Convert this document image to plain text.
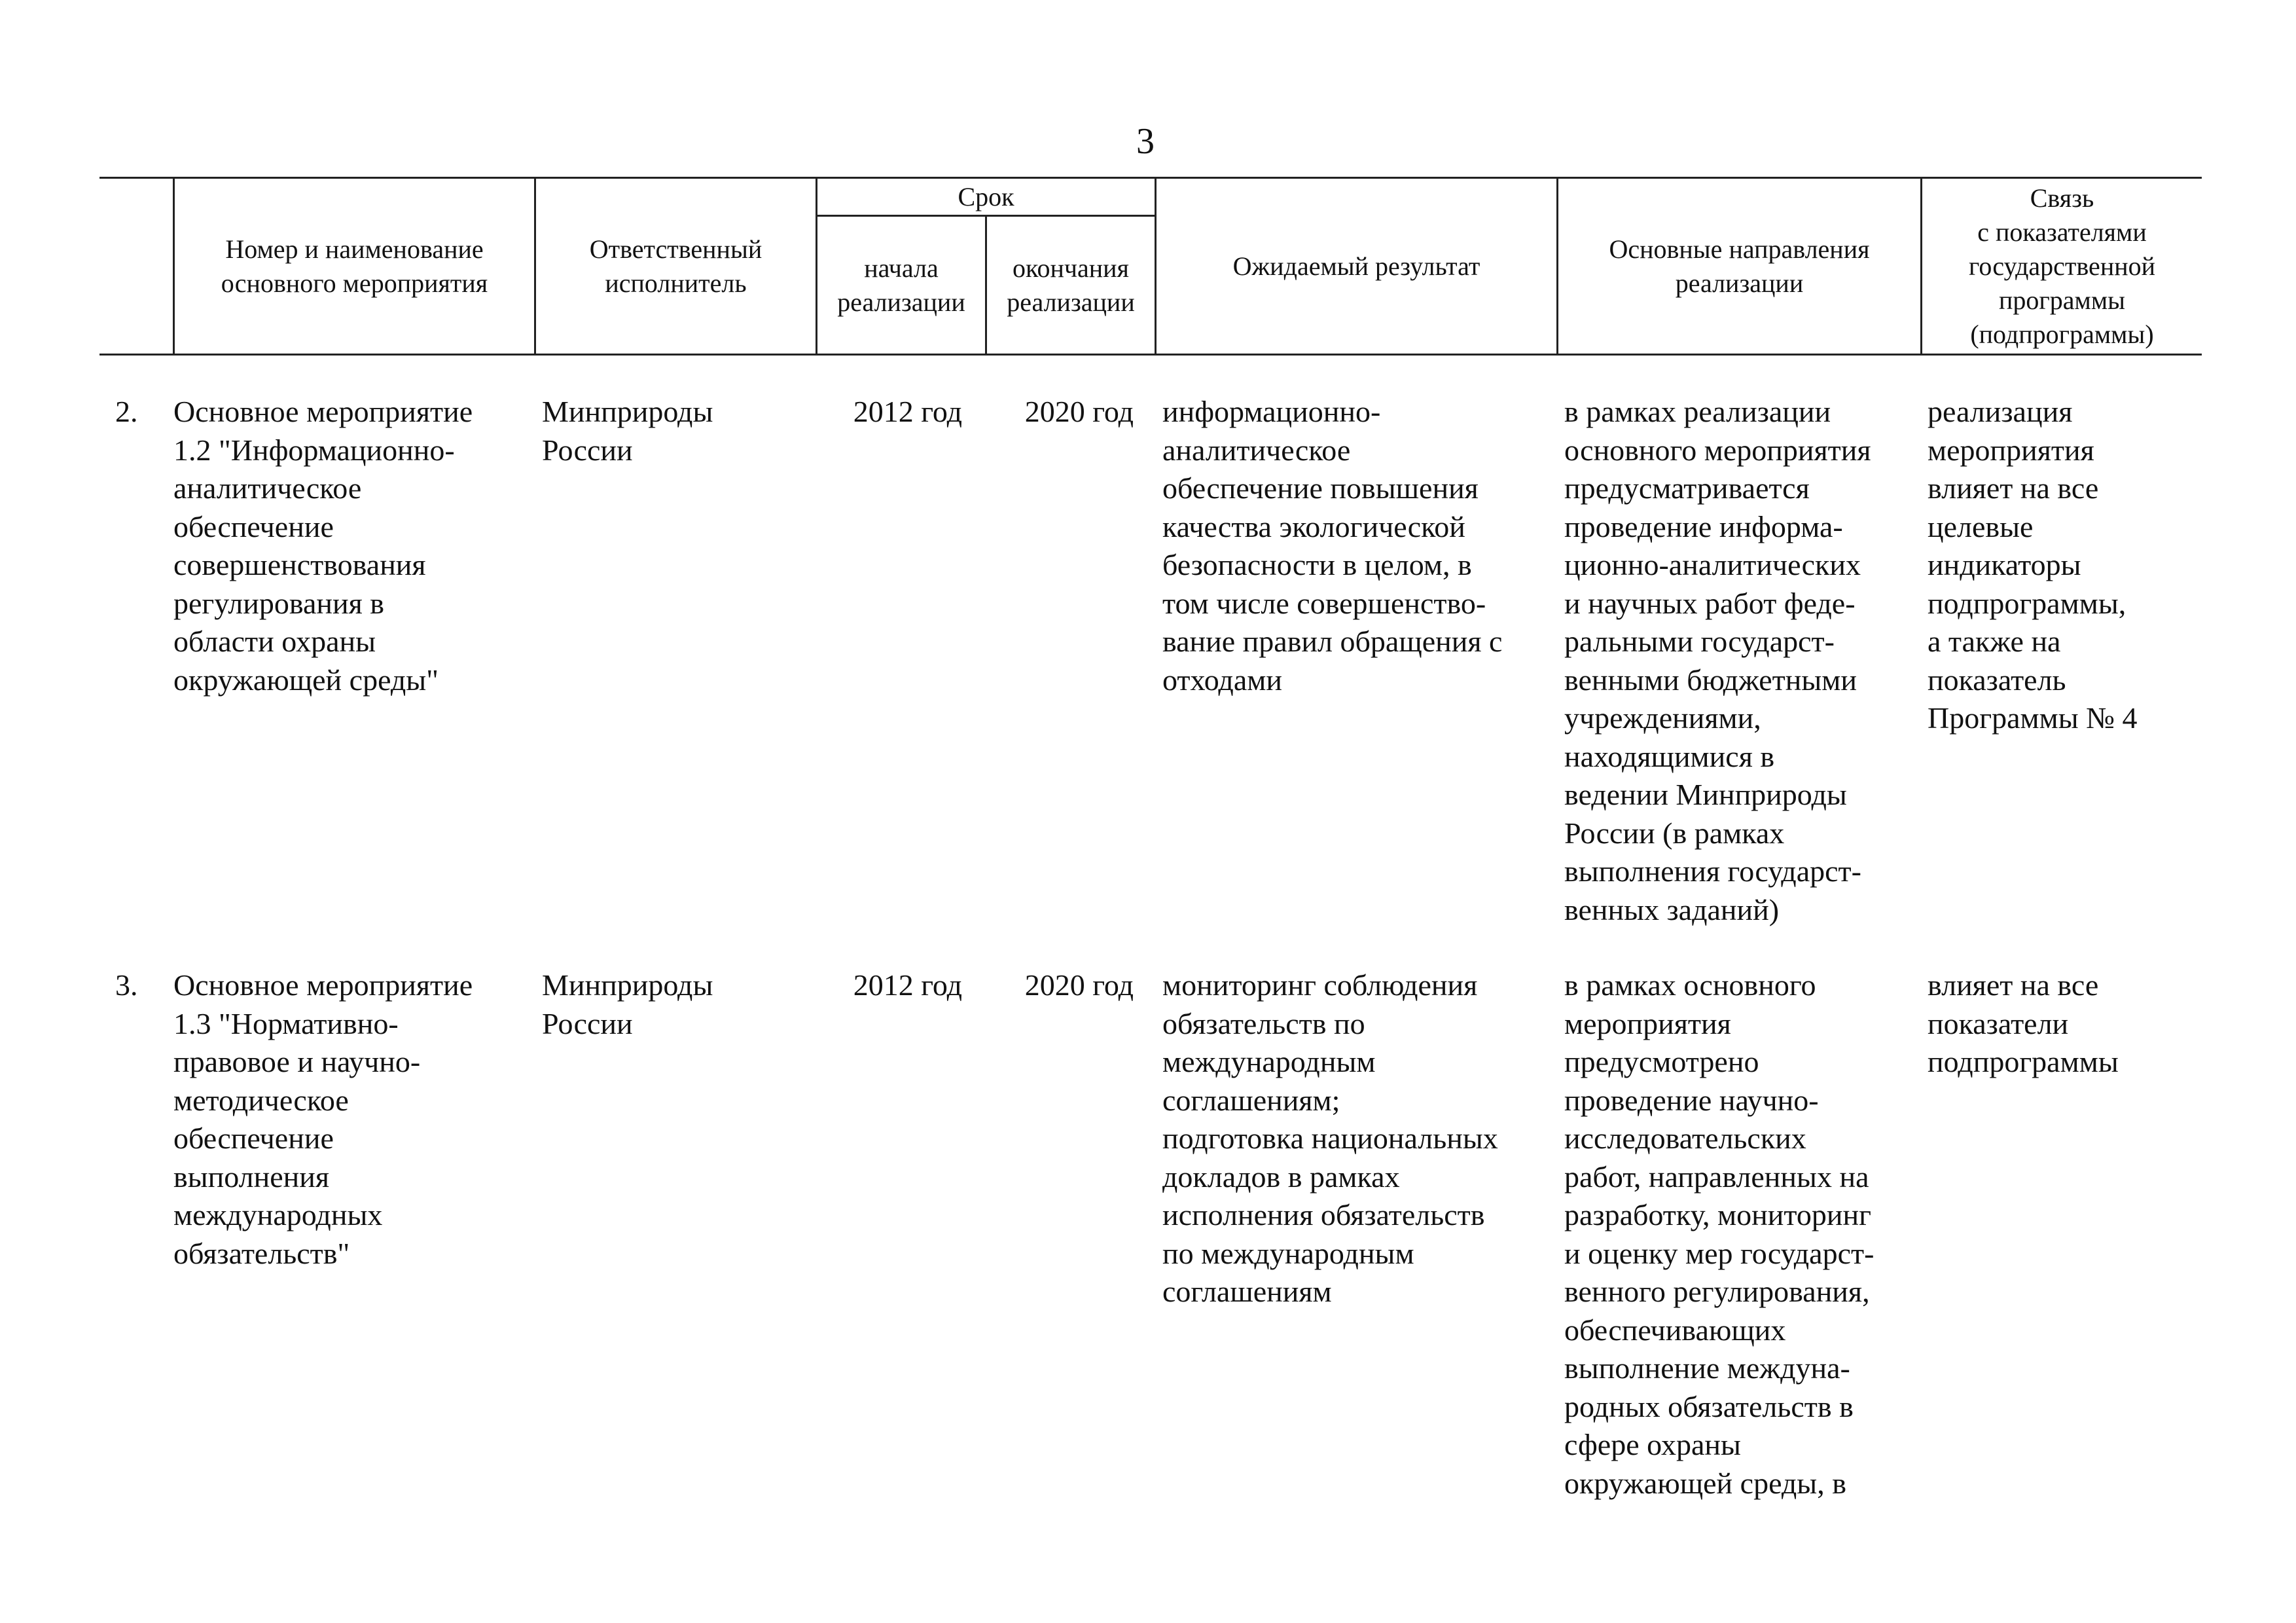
3
Номер и наименование
основного мероприятия
Ответственный
исполнитель
Срок
начала
реализации
окончания
реализации
Ожидаемый результат
Основные направления
реализации
Связь
с показателями
государственной
программы
(подпрограммы)
2. Основное мероприятие
1.2 "Информационно-
аналитическое
обеспечение
совершенствования
регулирования в
области охраны
окружающей среды"
Минприроды
России
2012 год	2020 год информационно-
аналитическое
обеспечение повышения
качества экологической
безопасности в целом, в
том числе совершенство-
вание правил обращения с
отходами
в рамках реализации
основного мероприятия
предусматривается
проведение информа-
ционно-аналитических
и научных работ феде-
ральными государст-
венными бюджетными
учреждениями,
находящимися в
ведении Минприроды
России (в рамках
выполнения государст-
венных заданий)
реализация
мероприятия
влияет на все
целевые
индикаторы
подпрограммы,
а также на
показатель
Программы № 4
3. Основное мероприятие
1.3 "Нормативно-
правовое и научно-
методическое
обеспечение
выполнения
международных
обязательств"
Минприроды
России
2012 год	2020 год мониторинг соблюдения
обязательств по
международным
соглашениям;
подготовка национальных
докладов в рамках
исполнения обязательств
по международным
соглашениям
в рамках основного
мероприятия
предусмотрено
проведение научно-
исследовательских
работ, направленных на
разработку, мониторинг
и оценку мер государст-
венного регулирования,
обеспечивающих
выполнение междуна-
родных обязательств в
сфере охраны
окружающей среды, в
влияет на все
показатели
подпрограммы
